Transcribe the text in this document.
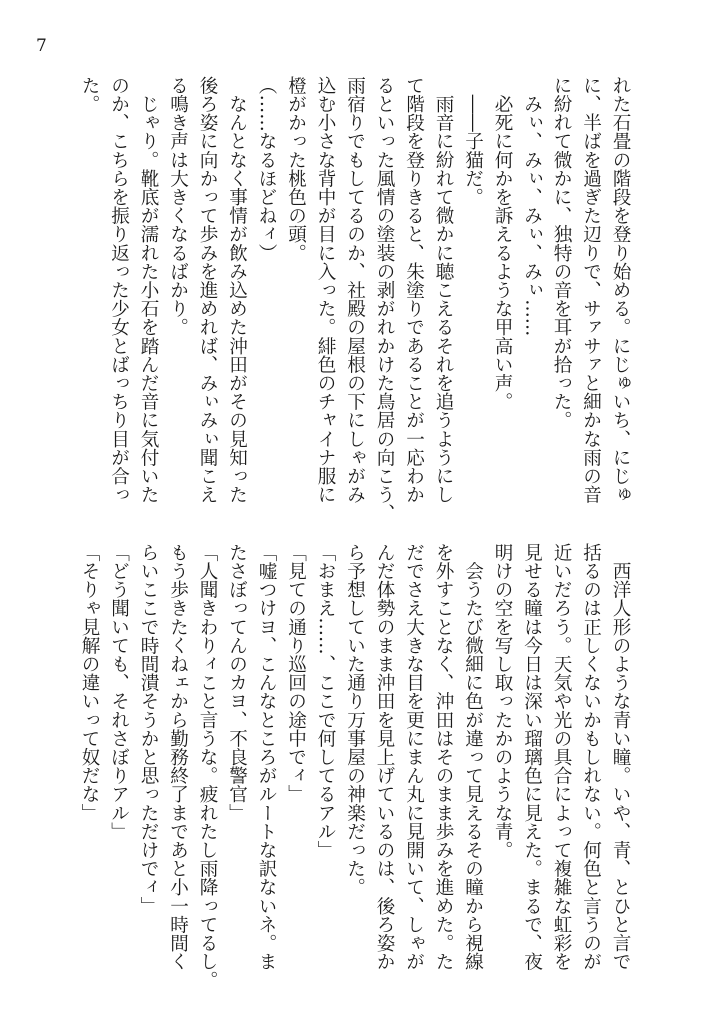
7
れた石畳の階段を登り始める。にじゅいち、にじゅ
に、半ばを過ぎた辺りで、サァサァと細かな雨の音
に紛れて微かに、独特の音を耳が拾った。
　みぃ、みぃ、みぃ、みぃ……
　必死に何かを訴えるような甲高い声。
　――子猫だ。
　雨音に紛れて微かに聴こえるそれを追うようにし
て階段を登りきると、朱塗りであることが一応わか
るといった風情の塗装の剥がれかけた鳥居の向こう、
雨宿りでもしてるのか、社殿の屋根の下にしゃがみ
込む小さな背中が目に入った。緋色のチャイナ服に
橙がかった桃色の頭。
（……なるほどねィ）
　なんとなく事情が飲み込めた沖田がその見知った
後ろ姿に向かって歩みを進めれば、みぃみぃ聞こえ
る鳴き声は大きくなるばかり。
　じゃり。靴底が濡れた小石を踏んだ音に気付いた
のか、こちらを振り返った少女とばっちり目が合っ
た。
　西洋人形のような青い瞳。いや、青、とひと言で
括るのは正しくないかもしれない。何色と言うのが
近いだろう。天気や光の具合によって複雑な虹彩を
見せる瞳は今日は深い瑠璃色に見えた。まるで、夜
明けの空を写し取ったかのような青。
　会うたび微細に色が違って見えるその瞳から視線
を外すことなく、沖田はそのまま歩みを進めた。た
だでさえ大きな目を更にまん丸に見開いて、しゃが
んだ体勢のまま沖田を見上げているのは、後ろ姿か
ら予想していた通り万事屋の神楽だった。
「おまえ……、ここで何してるアル」
「見ての通り巡回の途中でィ」
「嘘つけヨ、こんなところがルートな訳ないネ。ま
たさぼってんのカヨ、不良警官」
「人聞きわりィこと言うな。疲れたし雨降ってるし。
もう歩きたくねェから勤務終了まであと小一時間く
らいここで時間潰そうかと思っただけでィ」
「どう聞いても、それさぼりアル」
「そりゃ見解の違いって奴だな」
